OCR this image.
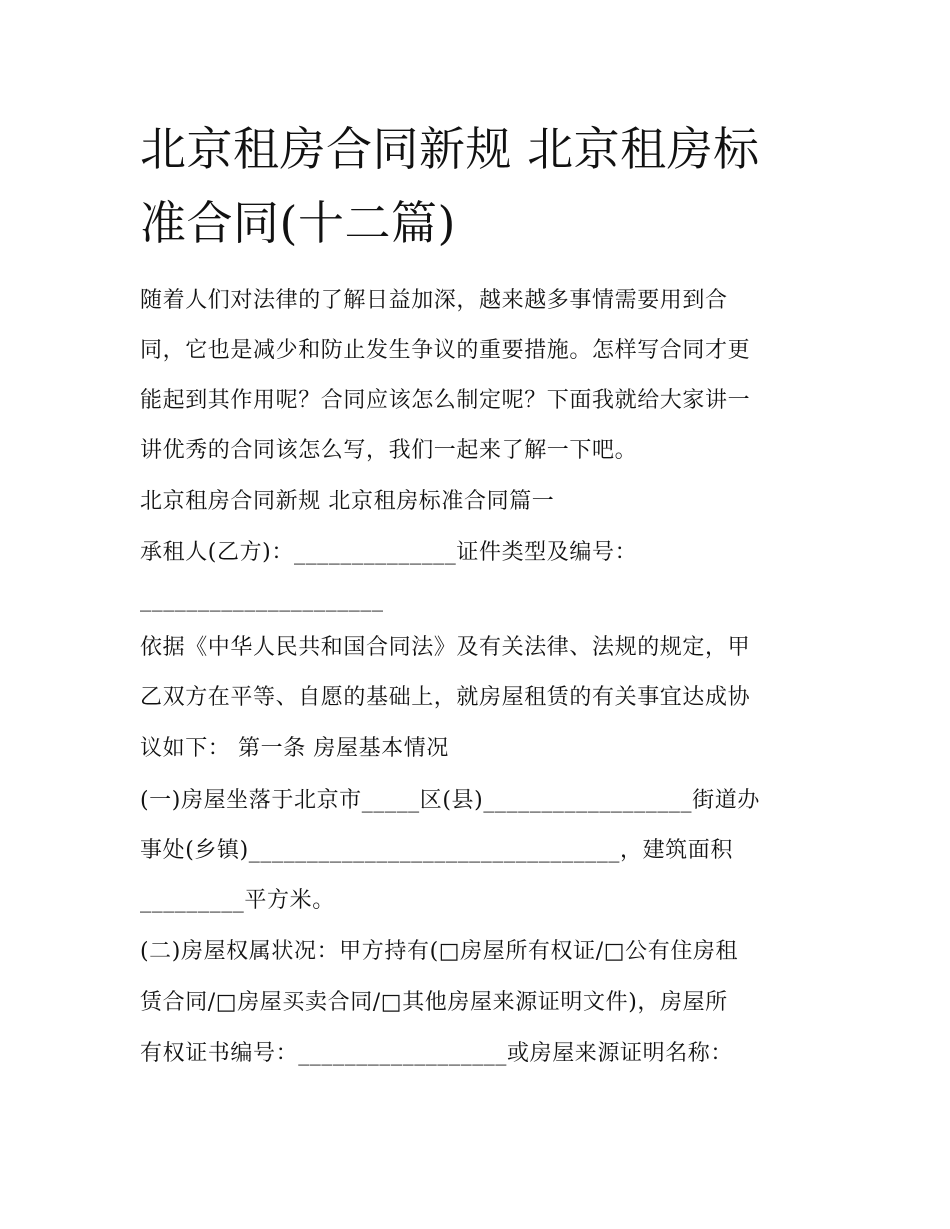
北京租房合同新规 北京租房标
准合同(十二篇)

随着人们对法律的了解日益加深，越来越多事情需要用到合

同，它也是减少和防止发生争议的重要措施。怎样写合同才更

能起到其作用呢？合同应该怎么制定呢？下面我就给大家讲一

讲优秀的合同该怎么写，我们一起来了解一下吧。

北京租房合同新规 北京租房标准合同篇一

承租人(乙方)：______________证件类型及编号：

_____________________

依据《中华人民共和国合同法》及有关法律、法规的规定，甲

乙双方在平等、自愿的基础上，就房屋租赁的有关事宜达成协

议如下： 第一条 房屋基本情况

(一)房屋坐落于北京市_____区(县)__________________街道办

事处(乡镇)________________________________，建筑面积

_________平方米。

(二)房屋权属状况：甲方持有(□房屋所有权证/□公有住房租

赁合同/□房屋买卖合同/□其他房屋来源证明文件)，房屋所

有权证书编号：__________________或房屋来源证明名称：
